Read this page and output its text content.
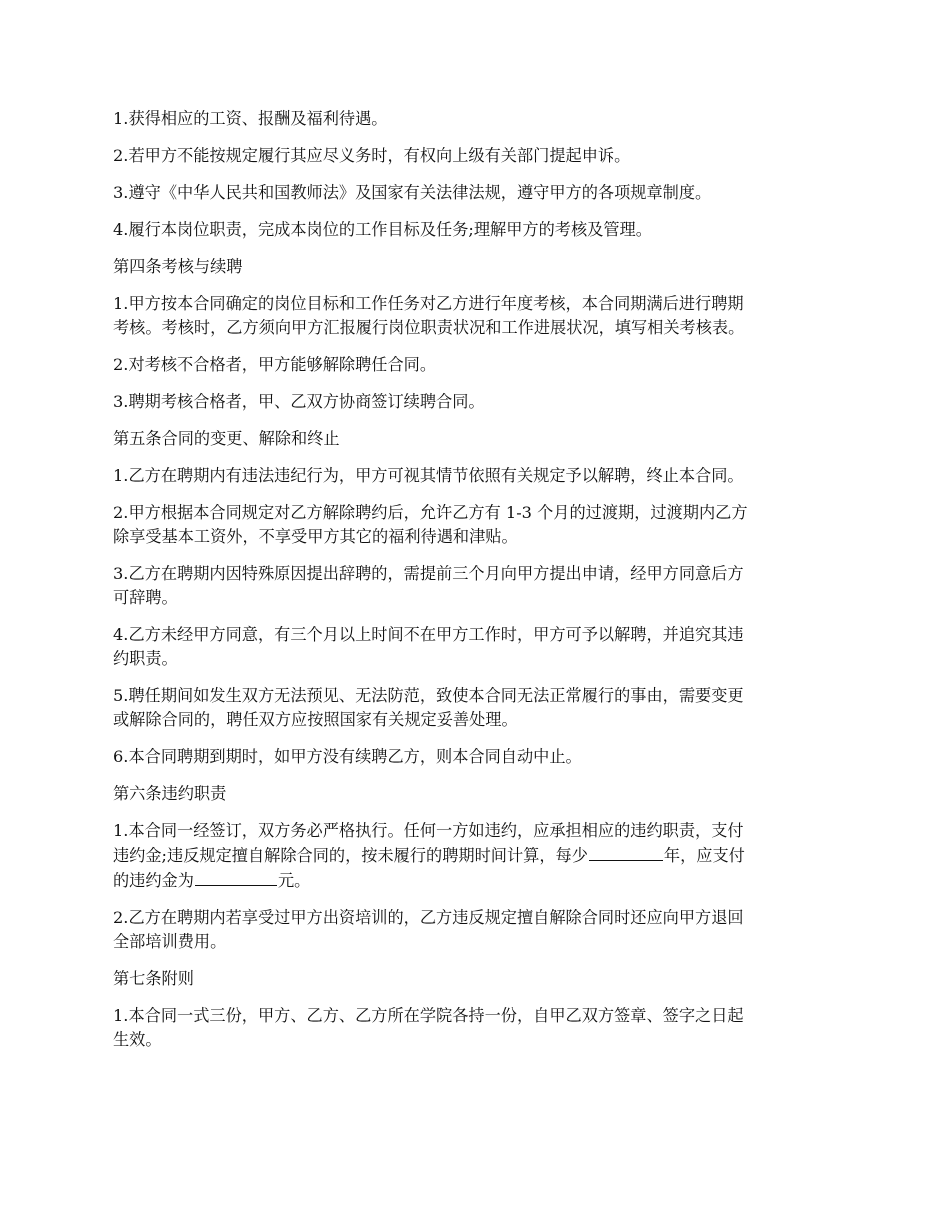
1.获得相应的工资、报酬及福利待遇。

2.若甲方不能按规定履行其应尽义务时，有权向上级有关部门提起申诉。

3.遵守《中华人民共和国教师法》及国家有关法律法规，遵守甲方的各项规章制度。

4.履行本岗位职责，完成本岗位的工作目标及任务;理解甲方的考核及管理。

第四条考核与续聘

1.甲方按本合同确定的岗位目标和工作任务对乙方进行年度考核，本合同期满后进行聘期
考核。考核时，乙方须向甲方汇报履行岗位职责状况和工作进展状况，填写相关考核表。

2.对考核不合格者，甲方能够解除聘任合同。

3.聘期考核合格者，甲、乙双方协商签订续聘合同。

第五条合同的变更、解除和终止

1.乙方在聘期内有违法违纪行为，甲方可视其情节依照有关规定予以解聘，终止本合同。

2.甲方根据本合同规定对乙方解除聘约后，允许乙方有 1-3 个月的过渡期，过渡期内乙方
除享受基本工资外，不享受甲方其它的福利待遇和津贴。

3.乙方在聘期内因特殊原因提出辞聘的，需提前三个月向甲方提出申请，经甲方同意后方
可辞聘。

4.乙方未经甲方同意，有三个月以上时间不在甲方工作时，甲方可予以解聘，并追究其违
约职责。

5.聘任期间如发生双方无法预见、无法防范，致使本合同无法正常履行的事由，需要变更
或解除合同的，聘任双方应按照国家有关规定妥善处理。

6.本合同聘期到期时，如甲方没有续聘乙方，则本合同自动中止。

第六条违约职责

1.本合同一经签订，双方务必严格执行。任何一方如违约，应承担相应的违约职责，支付
违约金;违反规定擅自解除合同的，按未履行的聘期时间计算，每少	年，应支付
的违约金为	元。

2.乙方在聘期内若享受过甲方出资培训的，乙方违反规定擅自解除合同时还应向甲方退回
全部培训费用。

第七条附则

1.本合同一式三份，甲方、乙方、乙方所在学院各持一份，自甲乙双方签章、签字之日起
生效。
